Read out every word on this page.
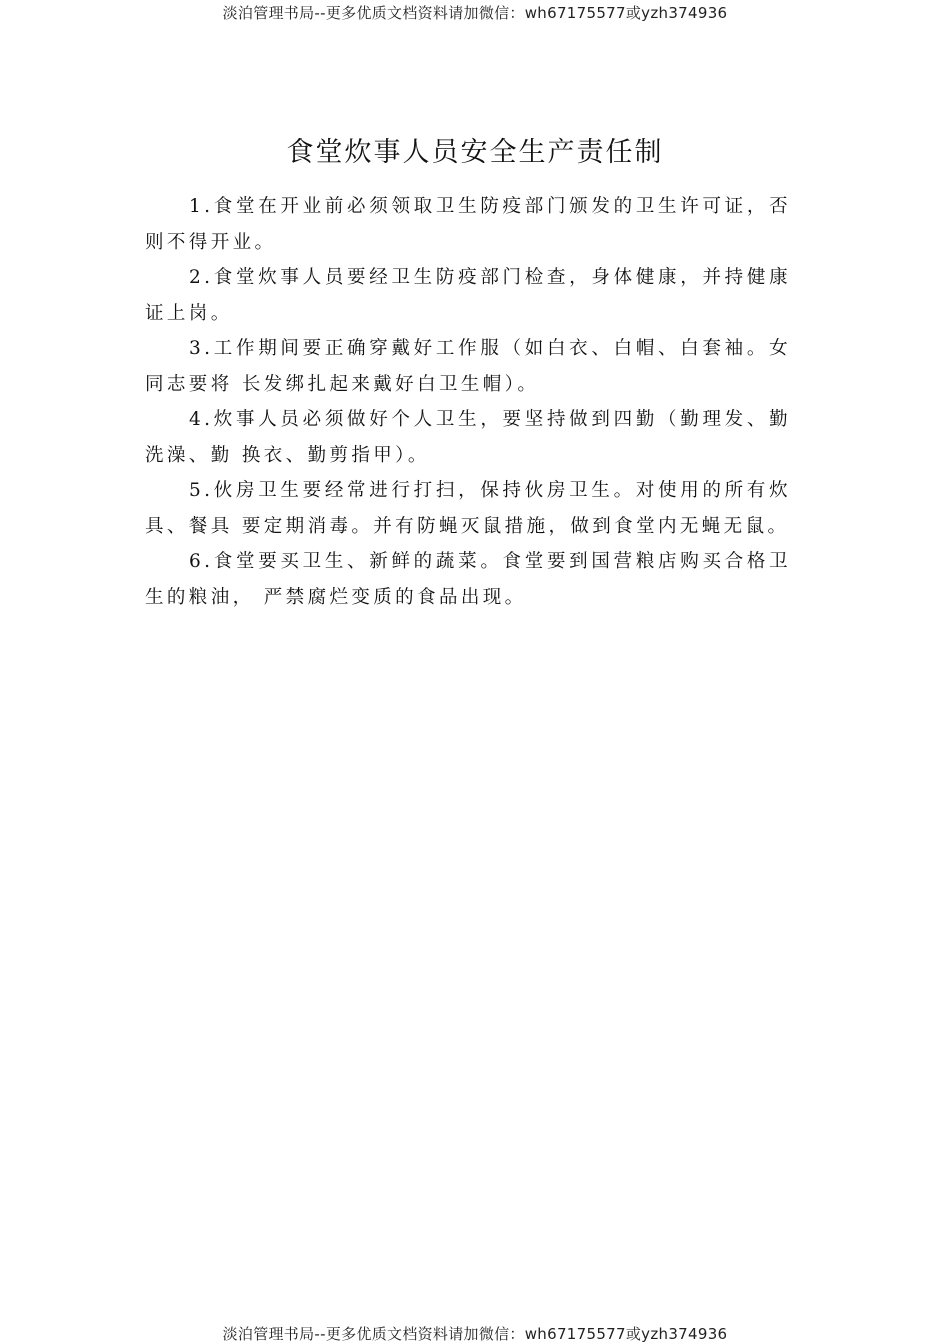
淡泊管理书局--更多优质文档资料请加微信：wh67175577或yzh374936
食堂炊事人员安全生产责任制

1.食堂在开业前必须领取卫生防疫部门颁发的卫生许可证，否则不得开业。

2.食堂炊事人员要经卫生防疫部门检查，身体健康，并持健康证上岗。

3.工作期间要正确穿戴好工作服（如白衣、白帽、白套袖。女同志要将 长发绑扎起来戴好白卫生帽）。

4.炊事人员必须做好个人卫生，要坚持做到四勤（勤理发、勤洗澡、勤 换衣、勤剪指甲）。

5.伙房卫生要经常进行打扫，保持伙房卫生。对使用的所有炊具、餐具 要定期消毒。并有防蝇灭鼠措施，做到食堂内无蝇无鼠。

6.食堂要买卫生、新鲜的蔬菜。食堂要到国营粮店购买合格卫生的粮油， 严禁腐烂变质的食品出现。

淡泊管理书局--更多优质文档资料请加微信：wh67175577或yzh374936
